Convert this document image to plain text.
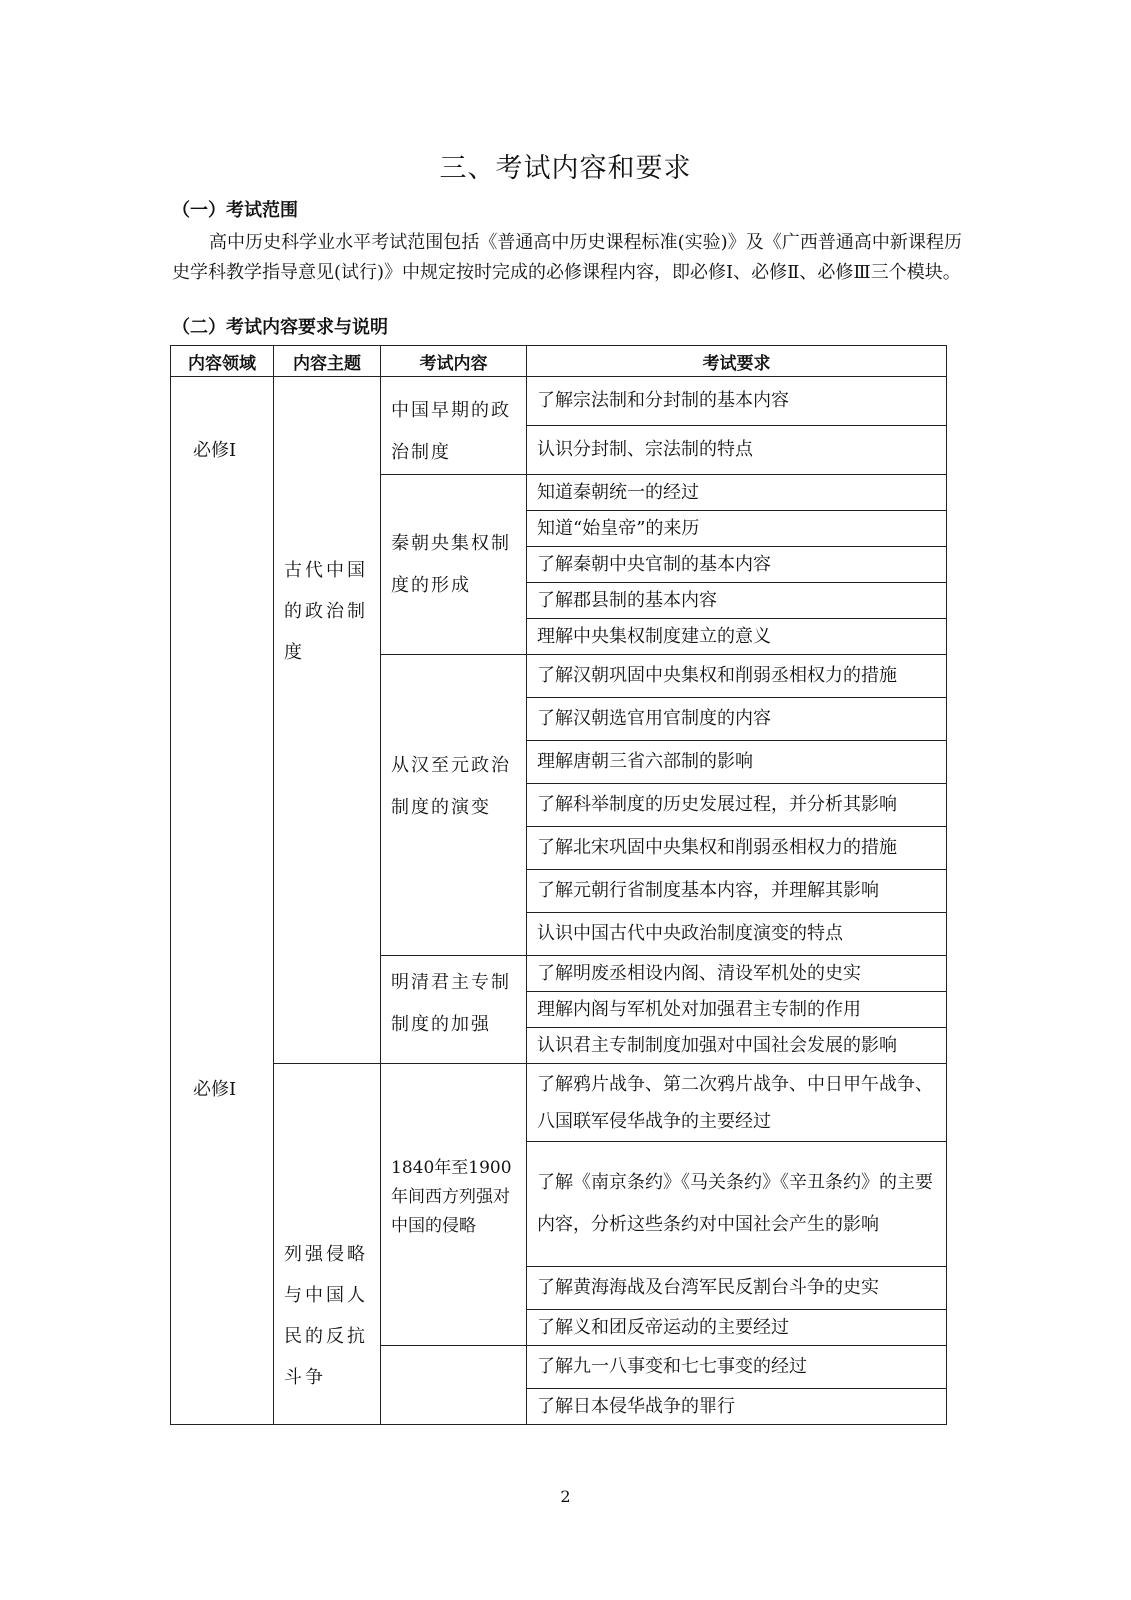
三、考试内容和要求
（一）考试范围

高中历史科学业水平考试范围包括《普通高中历史课程标准(实验)》及《广西普通高中新课程历史学科教学指导意见(试行)》中规定按时完成的必修课程内容，即必修Ⅰ、必修Ⅱ、必修Ⅲ三个模块。

（二）考试内容要求与说明
内容领域	内容主题	考试内容	考试要求

必修Ⅰ
必修Ⅰ	古代中国的政治制度	中国早期的政治制度	了解宗法制和分封制的基本内容

			认识分封制、宗法制的特点

		秦朝央集权制度的形成	知道秦朝统一的经过

			知道“始皇帝”的来历

			了解秦朝中央官制的基本内容

			了解郡县制的基本内容

			理解中央集权制度建立的意义

		从汉至元政治制度的演变	了解汉朝巩固中央集权和削弱丞相权力的措施

			了解汉朝选官用官制度的内容

			理解唐朝三省六部制的影响

			了解科举制度的历史发展过程，并分析其影响

			了解北宋巩固中央集权和削弱丞相权力的措施

			了解元朝行省制度基本内容，并理解其影响

			认识中国古代中央政治制度演变的特点

		明清君主专制制度的加强	了解明废丞相设内阁、清设军机处的史实

			理解内阁与军机处对加强君主专制的作用

			认识君主专制制度加强对中国社会发展的影响

	列强侵略与中国人民的反抗斗争	1840年至1900年间西方列强对中国的侵略	了解鸦片战争、第二次鸦片战争、中日甲午战争、八国联军侵华战争的主要经过

			了解《南京条约》《马关条约》《辛丑条约》的主要内容，分析这些条约对中国社会产生的影响

			了解黄海海战及台湾军民反割台斗争的史实

			了解义和团反帝运动的主要经过

			了解九一八事变和七七事变的经过

			了解日本侵华战争的罪行
2
